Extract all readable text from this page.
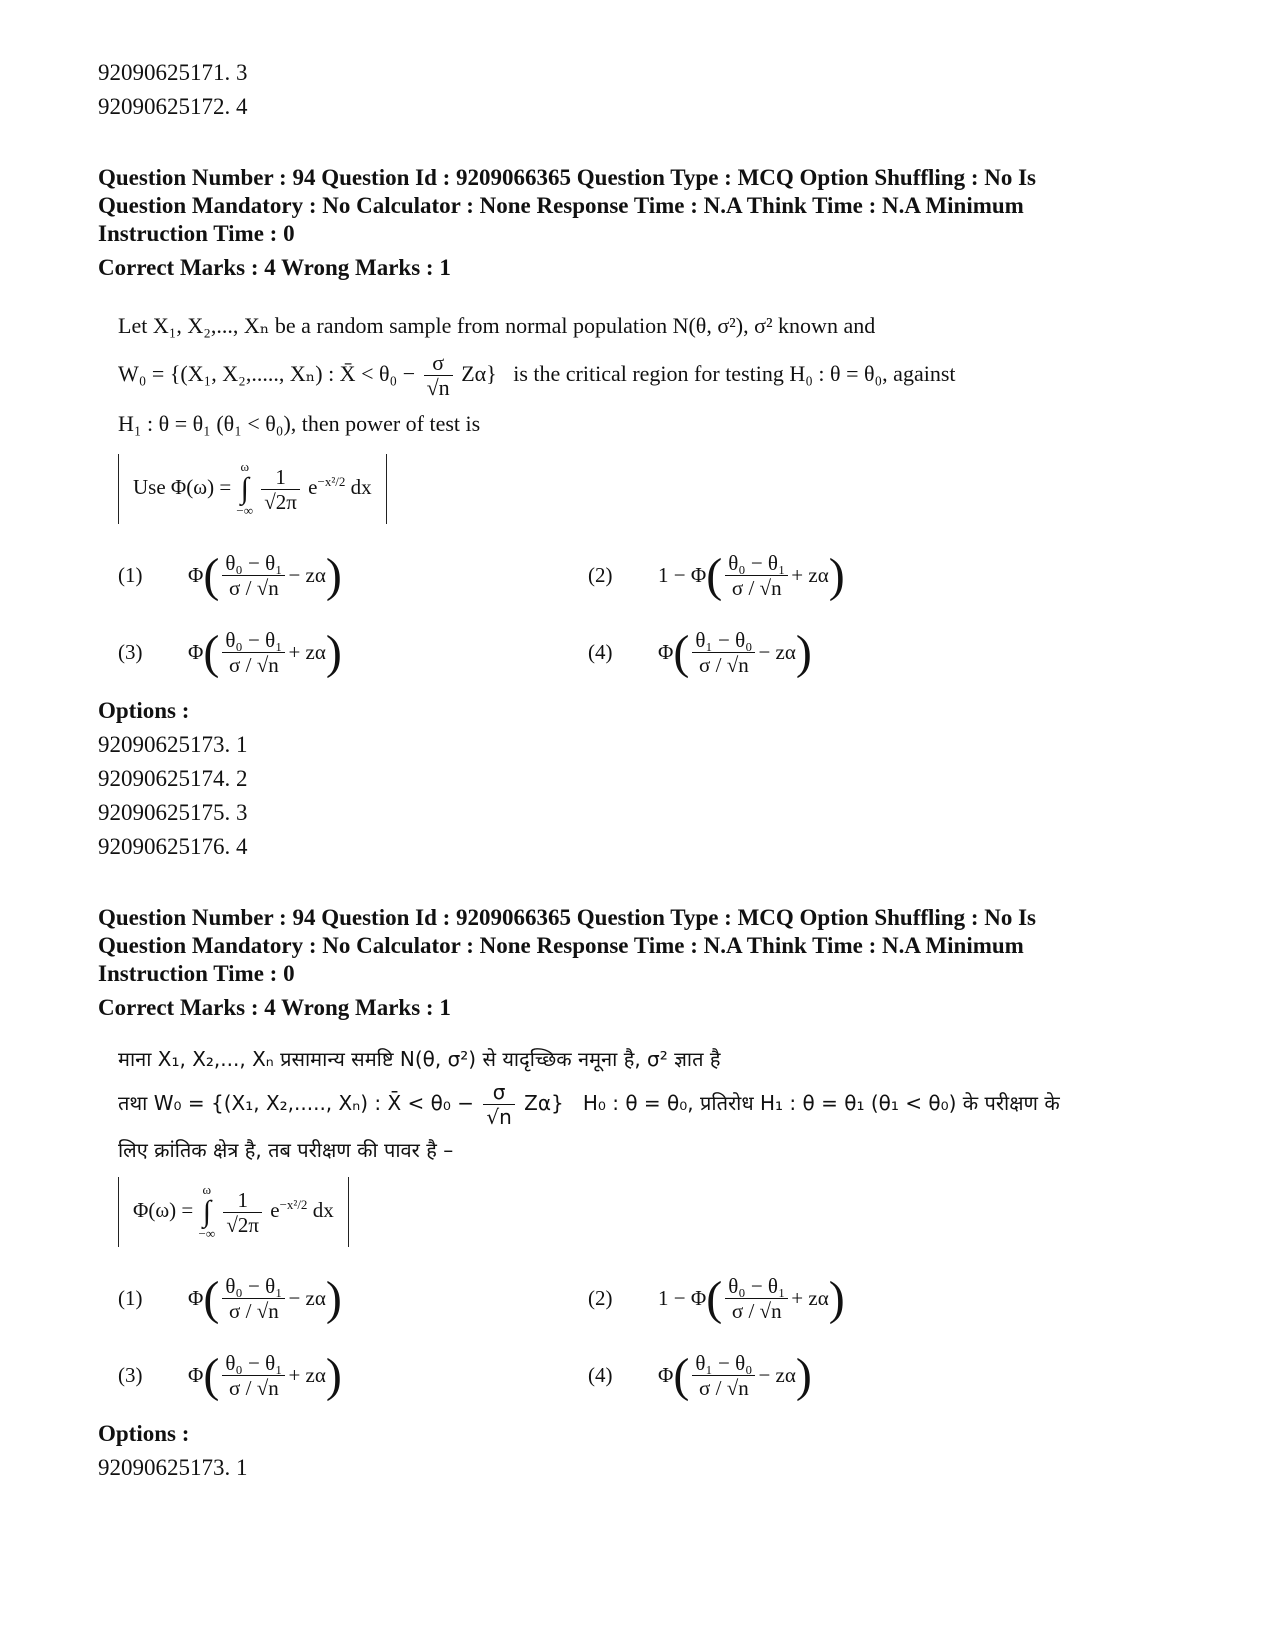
92090625171. 3

92090625172. 4

Question Number : 94 Question Id : 9209066365 Question Type : MCQ Option Shuffling : No Is

Question Mandatory : No Calculator : None Response Time : N.A Think Time : N.A Minimum

Instruction Time : 0

Correct Marks : 4 Wrong Marks : 1

Let X₁, X₂,..., Xₙ be a random sample from normal population N(θ, σ²), σ² known and
W₀ = {(X₁, X₂,....., Xₙ) : X̄ < $\theta_0 - \frac{\sigma}{√n} Z\alpha$} is the critical region for testing H₀ : θ = θ₀, against
H₁ : θ = θ₁ (θ₁ < θ₀), then power of test is
Use Φ(ω) =
ω
∫
−∞
$\frac{1}{√2\pi} e^{-x^2/2}$ dx
(1)	Φ ( $\frac{\text{θ₀ − θ₁}}{\sigma / √n} - z\alpha$ )	(2)	1 − Φ ( $\frac{\text{θ₀ − θ₁}}{\sigma / √n} + z\alpha$ )
(3)	Φ ( $\frac{\text{θ₀ − θ₁}}{\sigma / √n} + z\alpha$ )	(4)	Φ ( $\frac{\text{θ₁ − θ₀}}{\sigma / √n} - z\alpha$ )

Options :

92090625173. 1

92090625174. 2

92090625175. 3

92090625176. 4

Question Number : 94 Question Id : 9209066365 Question Type : MCQ Option Shuffling : No Is

Question Mandatory : No Calculator : None Response Time : N.A Think Time : N.A Minimum

Instruction Time : 0

Correct Marks : 4 Wrong Marks : 1

माना X₁, X₂,..., Xₙ प्रसामान्य समष्टि N(θ, σ²) से यादृच्छिक नमूना है, σ² ज्ञात है
तथा W₀ = {(X₁, X₂,....., Xₙ) : X̄ < $\theta_0 - \frac{\sigma}{√n} Z\alpha$} H₀ : θ = θ₀, प्रतिरोध H₁ : θ = θ₁ (θ₁ < θ₀) के परीक्षण के
लिए क्रांतिक क्षेत्र है, तब परीक्षण की पावर है –
Φ(ω) =
ω
∫
−∞
$\frac{1}{√2\pi} e^{-x^2/2}$ dx
(1)	Φ ( $\frac{\text{θ₀ − θ₁}}{\sigma / √n} - z\alpha$ )	(2)	1 − Φ ( $\frac{\text{θ₀ − θ₁}}{\sigma / √n} + z\alpha$ )
(3)	Φ ( $\frac{\text{θ₀ − θ₁}}{\sigma / √n} + z\alpha$ )	(4)	Φ ( $\frac{\text{θ₁ − θ₀}}{\sigma / √n} - z\alpha$ )

Options :

92090625173. 1
